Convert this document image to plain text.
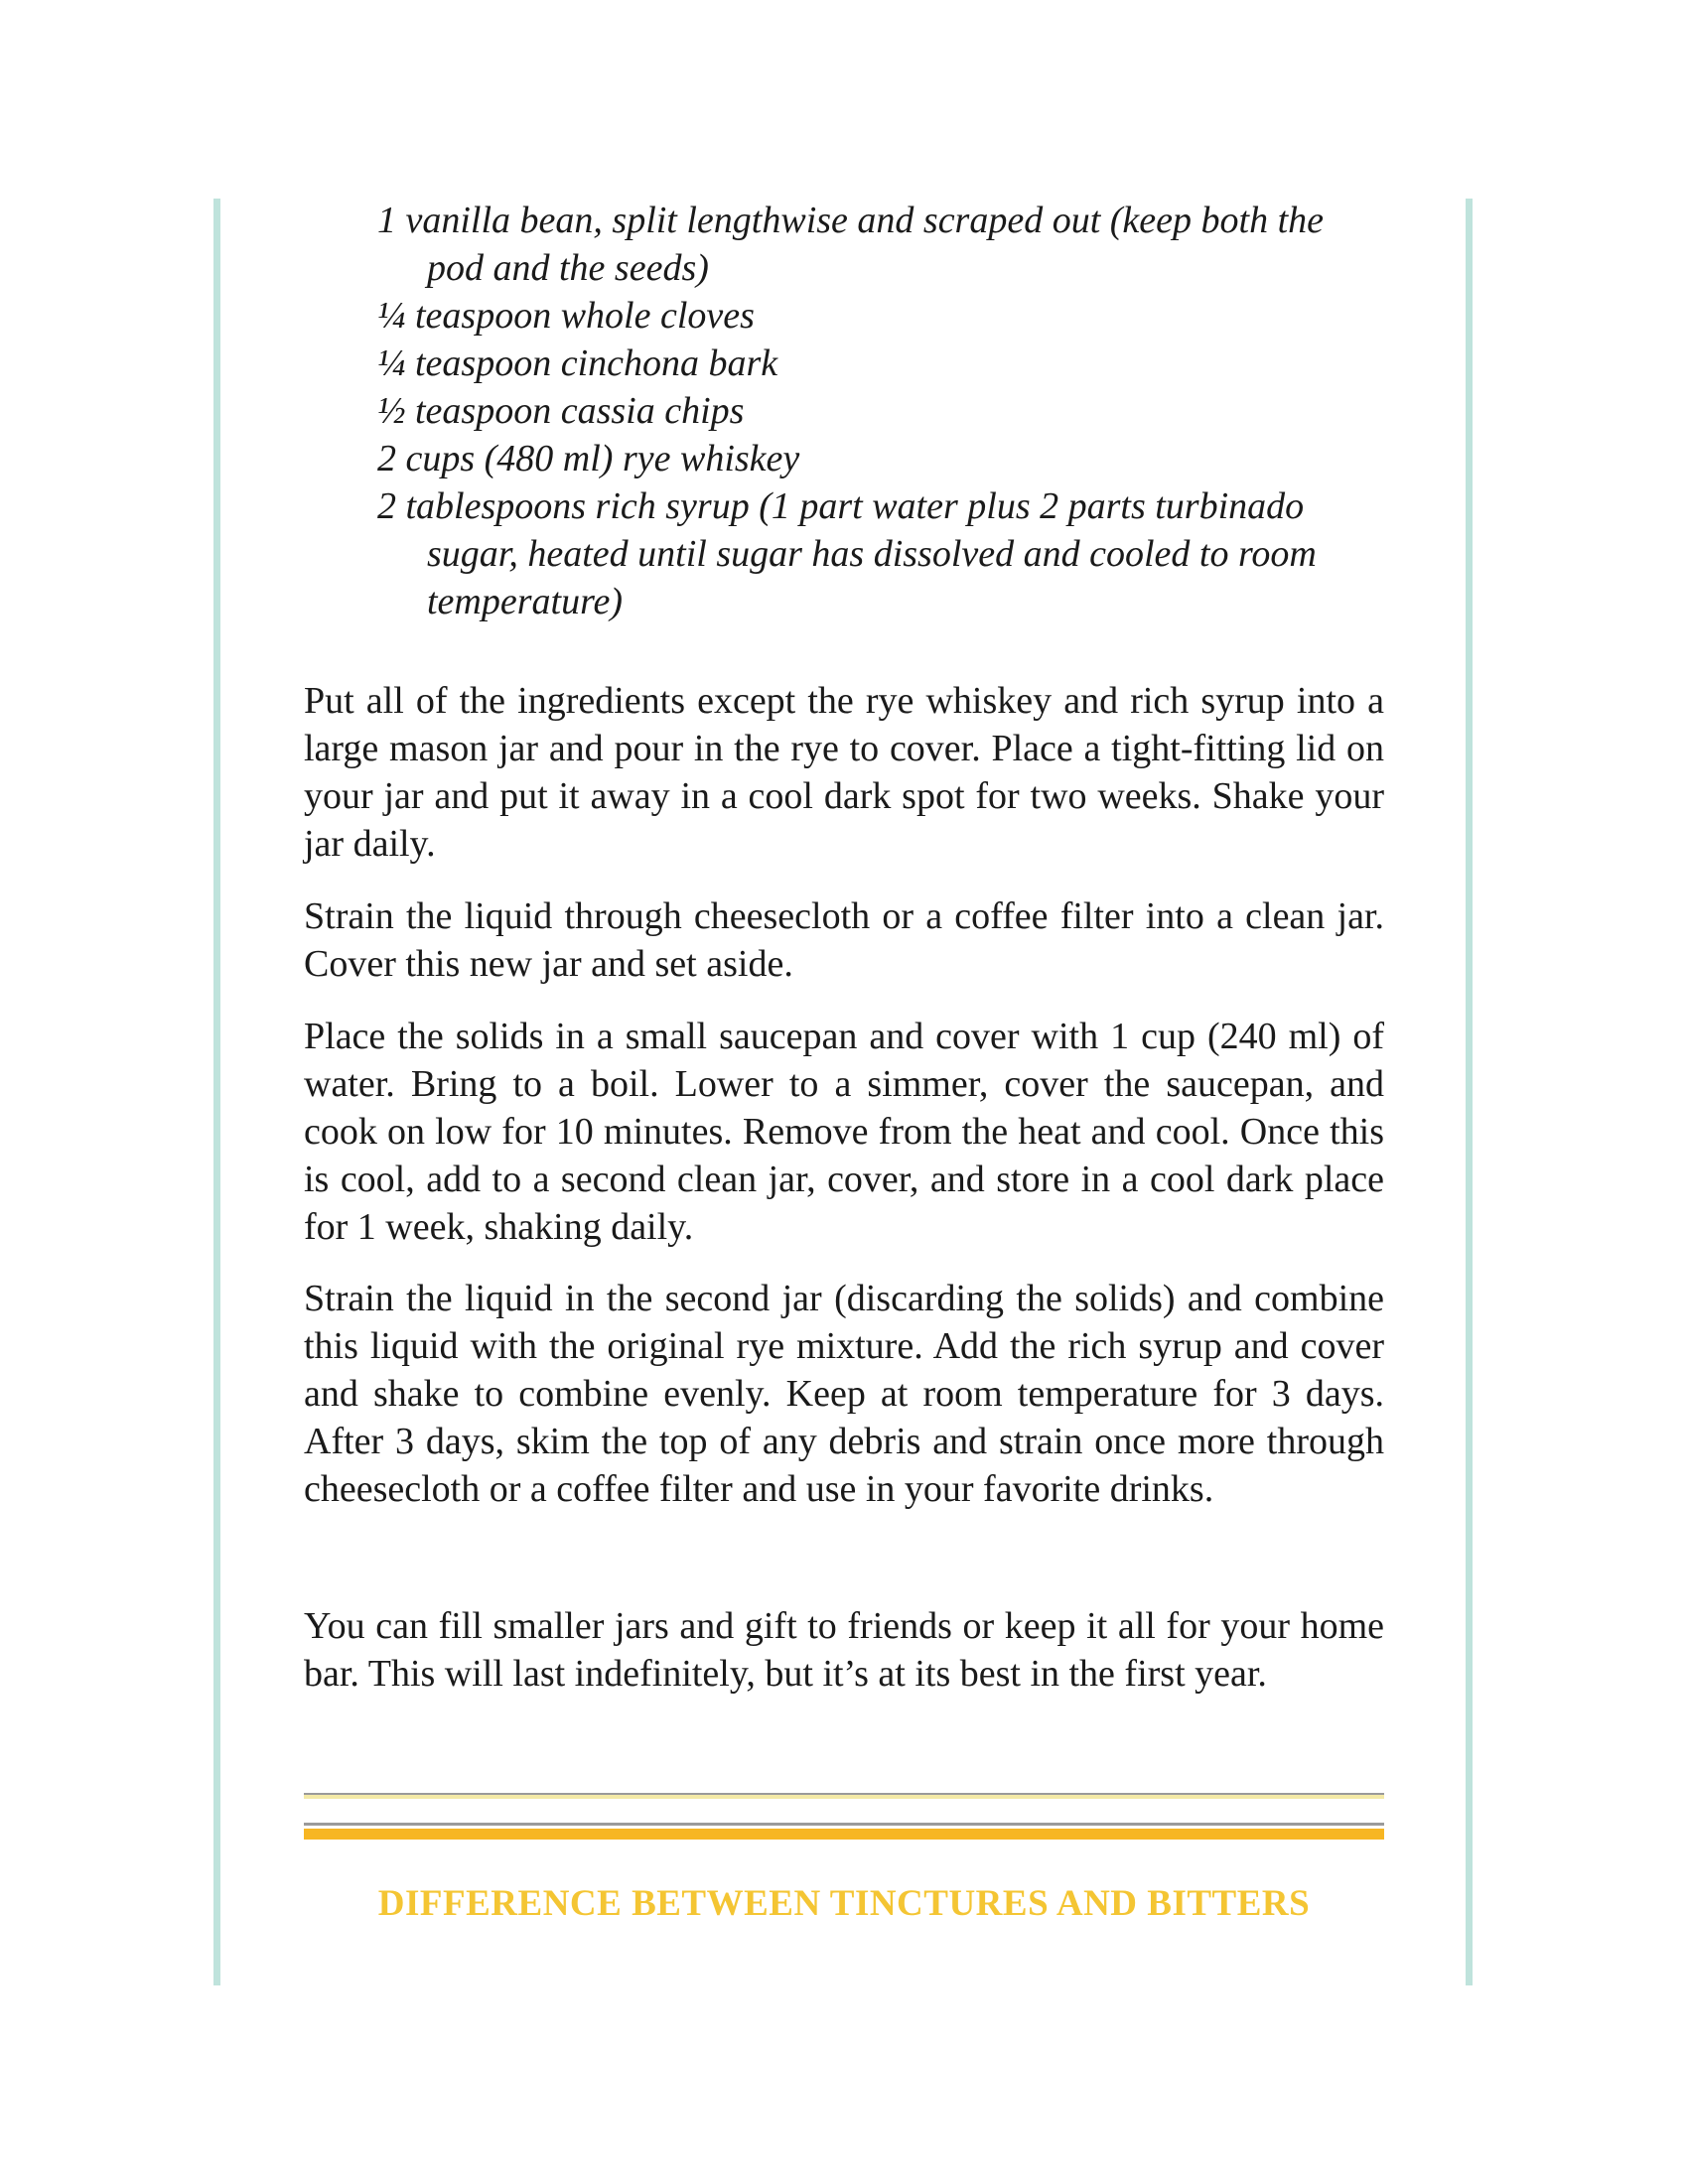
1 vanilla bean, split lengthwise and scraped out (keep both the pod and the seeds)
¼ teaspoon whole cloves
¼ teaspoon cinchona bark
½ teaspoon cassia chips
2 cups (480 ml) rye whiskey
2 tablespoons rich syrup (1 part water plus 2 parts turbinado sugar, heated until sugar has dissolved and cooled to room temperature)

Put all of the ingredients except the rye whiskey and rich syrup into a large mason jar and pour in the rye to cover. Place a tight-fitting lid on your jar and put it away in a cool dark spot for two weeks. Shake your jar daily.

Strain the liquid through cheesecloth or a coffee filter into a clean jar. Cover this new jar and set aside.

Place the solids in a small saucepan and cover with 1 cup (240 ml) of water. Bring to a boil. Lower to a simmer, cover the saucepan, and cook on low for 10 minutes. Remove from the heat and cool. Once this is cool, add to a second clean jar, cover, and store in a cool dark place for 1 week, shaking daily.

Strain the liquid in the second jar (discarding the solids) and combine this liquid with the original rye mixture. Add the rich syrup and cover and shake to combine evenly. Keep at room temperature for 3 days. After 3 days, skim the top of any debris and strain once more through cheesecloth or a coffee filter and use in your favorite drinks.

You can fill smaller jars and gift to friends or keep it all for your home bar. This will last indefinitely, but it’s at its best in the first year.

DIFFERENCE BETWEEN TINCTURES AND BITTERS
